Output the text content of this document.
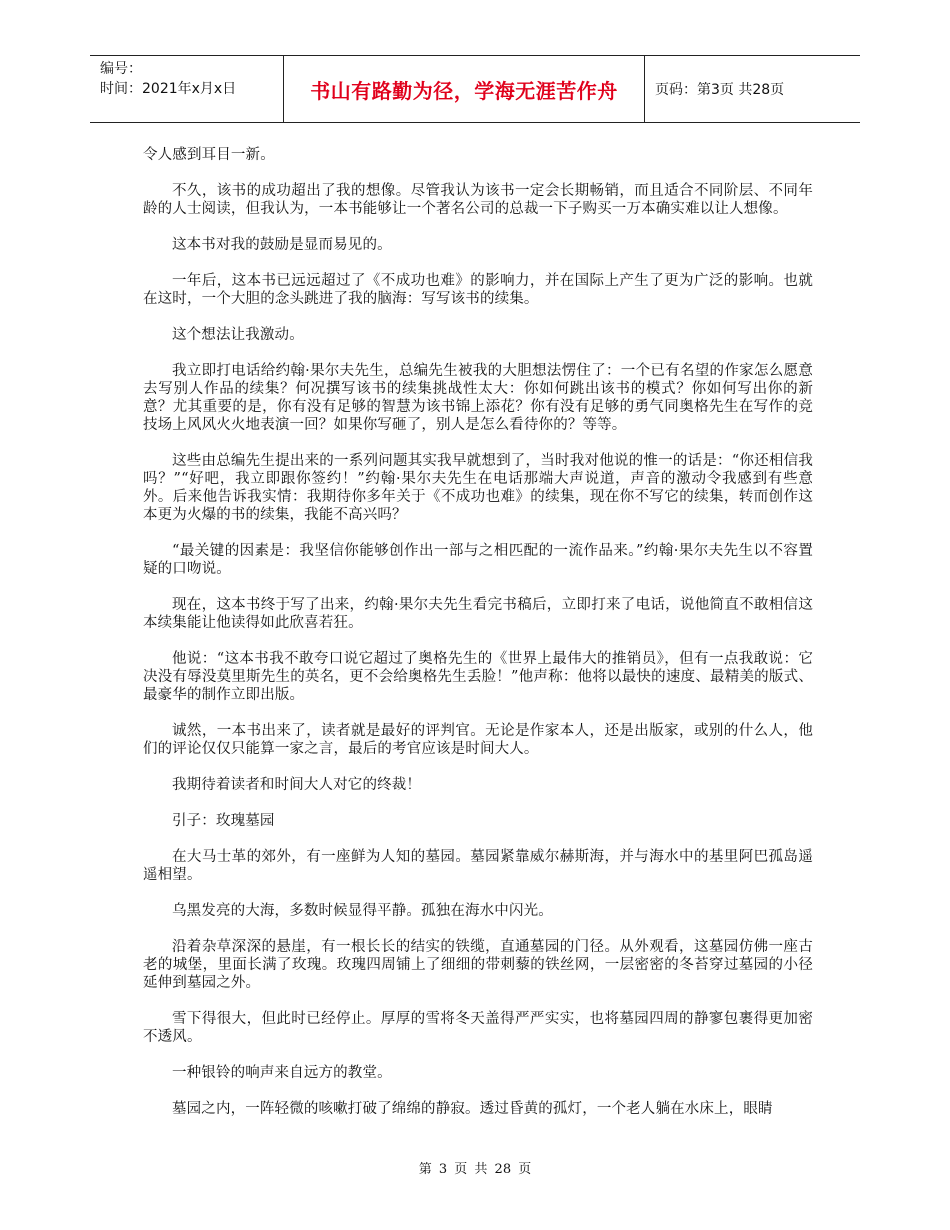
编号：
时间：2021年x月x日	书山有路勤为径，学海无涯苦作舟	页码：第3页 共28页

令人感到耳目一新。

不久，该书的成功超出了我的想像。尽管我认为该书一定会长期畅销，而且适合不同阶层、不同年龄的人士阅读，但我认为，一本书能够让一个著名公司的总裁一下子购买一万本确实难以让人想像。

这本书对我的鼓励是显而易见的。

一年后，这本书已远远超过了《不成功也难》的影响力，并在国际上产生了更为广泛的影响。也就在这时，一个大胆的念头跳进了我的脑海：写写该书的续集。

这个想法让我激动。

我立即打电话给约翰·果尔夫先生，总编先生被我的大胆想法愣住了：一个已有名望的作家怎么愿意去写别人作品的续集？何况撰写该书的续集挑战性太大：你如何跳出该书的模式？你如何写出你的新意？尤其重要的是，你有没有足够的智慧为该书锦上添花？你有没有足够的勇气同奥格先生在写作的竞技场上风风火火地表演一回？如果你写砸了，别人是怎么看待你的？等等。

这些由总编先生提出来的一系列问题其实我早就想到了，当时我对他说的惟一的话是：“你还相信我吗？”“好吧，我立即跟你签约！”约翰·果尔夫先生在电话那端大声说道，声音的激动令我感到有些意外。后来他告诉我实情：我期待你多年关于《不成功也难》的续集，现在你不写它的续集，转而创作这本更为火爆的书的续集，我能不高兴吗？

“最关键的因素是：我坚信你能够创作出一部与之相匹配的一流作品来。”约翰·果尔夫先生以不容置疑的口吻说。

现在，这本书终于写了出来，约翰·果尔夫先生看完书稿后，立即打来了电话，说他简直不敢相信这本续集能让他读得如此欣喜若狂。

他说：“这本书我不敢夸口说它超过了奥格先生的《世界上最伟大的推销员》，但有一点我敢说：它决没有辱没莫里斯先生的英名，更不会给奥格先生丢脸！”他声称：他将以最快的速度、最精美的版式、最豪华的制作立即出版。

诚然，一本书出来了，读者就是最好的评判官。无论是作家本人，还是出版家，或别的什么人，他们的评论仅仅只能算一家之言，最后的考官应该是时间大人。

我期待着读者和时间大人对它的终裁！

引子：玫瑰墓园

在大马士革的郊外，有一座鲜为人知的墓园。墓园紧靠威尔赫斯海，并与海水中的基里阿巴孤岛遥遥相望。

乌黑发亮的大海，多数时候显得平静。孤独在海水中闪光。

沿着杂草深深的悬崖，有一根长长的结实的铁缆，直通墓园的门径。从外观看，这墓园仿佛一座古老的城堡，里面长满了玫瑰。玫瑰四周铺上了细细的带刺藜的铁丝网，一层密密的冬苔穿过墓园的小径延伸到墓园之外。

雪下得很大，但此时已经停止。厚厚的雪将冬天盖得严严实实，也将墓园四周的静寥包裹得更加密不透风。

一种银铃的响声来自远方的教堂。

墓园之内，一阵轻微的咳嗽打破了绵绵的静寂。透过昏黄的孤灯，一个老人躺在水床上，眼睛

第 3 页 共 28 页
